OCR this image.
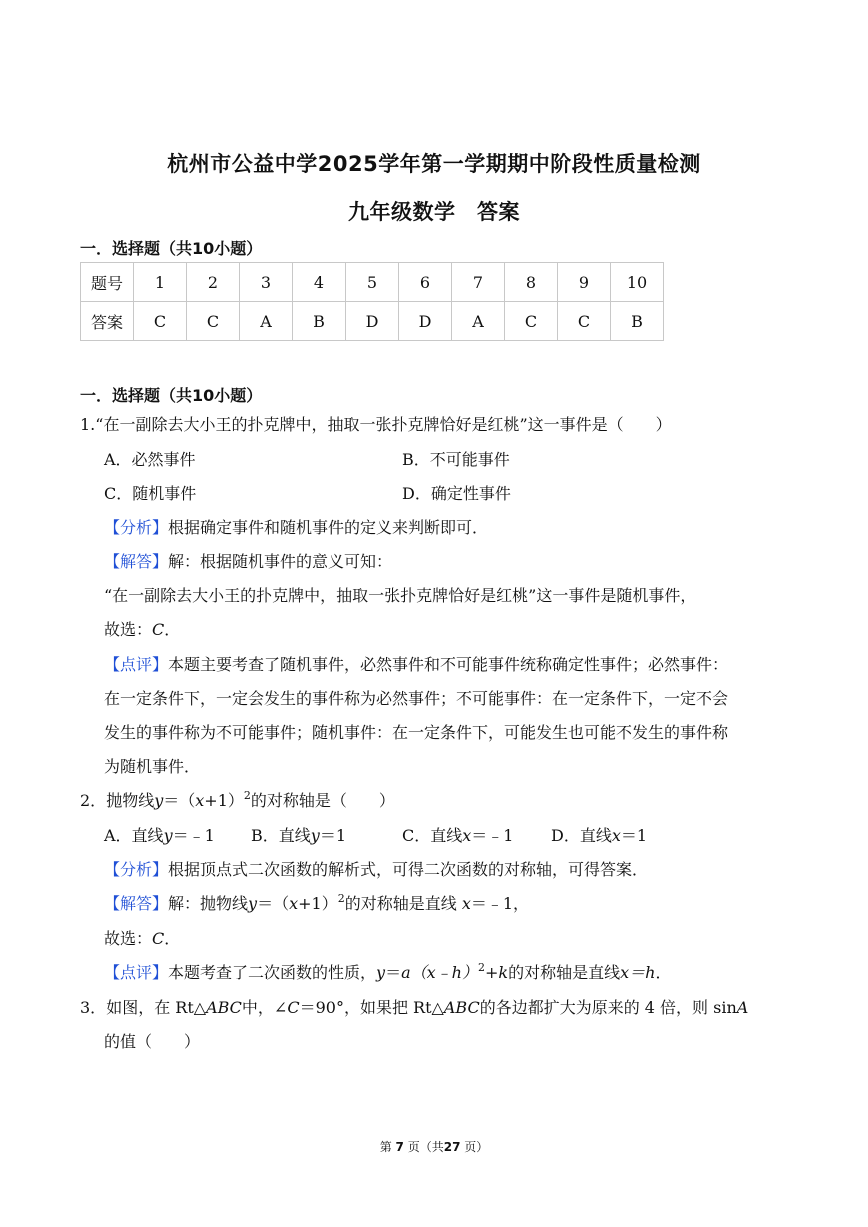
杭州市公益中学2025学年第一学期期中阶段性质量检测
九年级数学　答案
一．选择题（共10小题）
题号	1	2	3	4	5	6	7	8	9	10
答案	C	C	A	B	D	D	A	C	C	B
一．选择题（共10小题）
1.“在一副除去大小王的扑克牌中，抽取一张扑克牌恰好是红桃”这一事件是（　　）
A．必然事件	B．不可能事件
C．随机事件	D．确定性事件
【分析】根据确定事件和随机事件的定义来判断即可．
【解答】解：根据随机事件的意义可知：
“在一副除去大小王的扑克牌中，抽取一张扑克牌恰好是红桃”这一事件是随机事件，
故选：C．
【点评】本题主要考查了随机事件，必然事件和不可能事件统称确定性事件；必然事件：
在一定条件下，一定会发生的事件称为必然事件；不可能事件：在一定条件下，一定不会
发生的事件称为不可能事件；随机事件：在一定条件下，可能发生也可能不发生的事件称
为随机事件．
2．抛物线$y=(x+1)^2$的对称轴是（　　）
A．直线y＝﹣1 B．直线y＝1	C．直线x＝﹣1 D．直线x＝1
【分析】根据顶点式二次函数的解析式，可得二次函数的对称轴，可得答案．
【解答】解：抛物线$y=(x+1)^2$的对称轴是直线 x＝﹣1，
故选：C．
【点评】本题考查了二次函数的性质，y＝a（x﹣h）$^2$+k的对称轴是直线x＝h．
3．如图，在 Rt△ABC中，∠C＝90°，如果把 Rt△ABC的各边都扩大为原来的 4 倍，则 sinA
的值（　　）
第 7 页（共27 页）
